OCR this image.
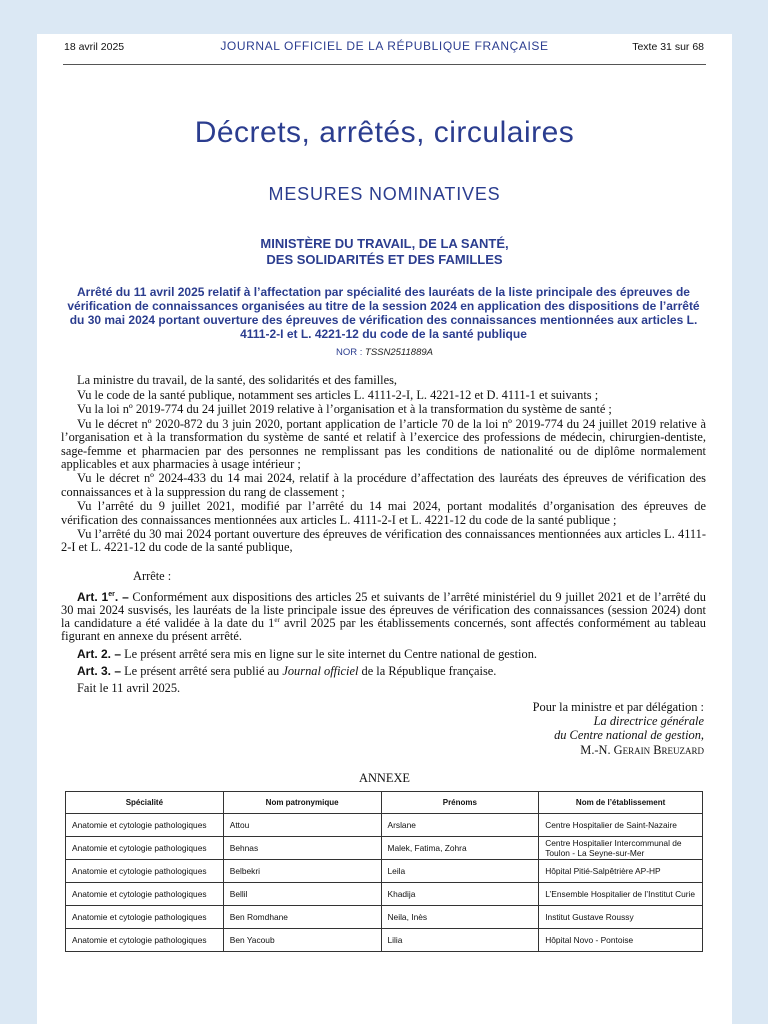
18 avril 2025	JOURNAL OFFICIEL DE LA RÉPUBLIQUE FRANÇAISE	Texte 31 sur 68
Décrets, arrêtés, circulaires
MESURES NOMINATIVES
MINISTÈRE DU TRAVAIL, DE LA SANTÉ,
DES SOLIDARITÉS ET DES FAMILLES
Arrêté du 11 avril 2025 relatif à l’affectation par spécialité des lauréats de la liste principale des épreuves de vérification de connaissances organisées au titre de la session 2024 en application des dispositions de l’arrêté du 30 mai 2024 portant ouverture des épreuves de vérification des connaissances mentionnées aux articles L. 4111-2-I et L. 4221-12 du code de la santé publique
NOR : TSSN2511889A

La ministre du travail, de la santé, des solidarités et des familles,

Vu le code de la santé publique, notamment ses articles L. 4111-2-I, L. 4221-12 et D. 4111-1 et suivants ;

Vu la loi nº 2019-774 du 24 juillet 2019 relative à l’organisation et à la transformation du système de santé ;

Vu le décret nº 2020-872 du 3 juin 2020, portant application de l’article 70 de la loi nº 2019-774 du 24 juillet 2019 relative à l’organisation et à la transformation du système de santé et relatif à l’exercice des professions de médecin, chirurgien-dentiste, sage-femme et pharmacien par des personnes ne remplissant pas les conditions de nationalité ou de diplôme normalement applicables et aux pharmacies à usage intérieur ;

Vu le décret nº 2024-433 du 14 mai 2024, relatif à la procédure d’affectation des lauréats des épreuves de vérification des connaissances et à la suppression du rang de classement ;

Vu l’arrêté du 9 juillet 2021, modifié par l’arrêté du 14 mai 2024, portant modalités d’organisation des épreuves de vérification des connaissances mentionnées aux articles L. 4111-2-I et L. 4221-12 du code de la santé publique ;

Vu l’arrêté du 30 mai 2024 portant ouverture des épreuves de vérification des connaissances mentionnées aux articles L. 4111-2-I et L. 4221-12 du code de la santé publique,

Arrête :

Art. 1er. – Conformément aux dispositions des articles 25 et suivants de l’arrêté ministériel du 9 juillet 2021 et de l’arrêté du 30 mai 2024 susvisés, les lauréats de la liste principale issue des épreuves de vérification des connaissances (session 2024) dont la candidature a été validée à la date du 1er avril 2025 par les établissements concernés, sont affectés conformément au tableau figurant en annexe du présent arrêté.

Art. 2. – Le présent arrêté sera mis en ligne sur le site internet du Centre national de gestion.

Art. 3. – Le présent arrêté sera publié au Journal officiel de la République française.

Fait le 11 avril 2025.

Pour la ministre et par délégation :
La directrice générale
du Centre national de gestion,
M.-N. Gerain Breuzard
ANNEXE
Spécialité	Nom patronymique	Prénoms	Nom de l’établissement
Anatomie et cytologie pathologiques	Attou	Arslane	Centre Hospitalier de Saint-Nazaire
Anatomie et cytologie pathologiques	Behnas	Malek, Fatima, Zohra	Centre Hospitalier Intercommunal de Toulon - La Seyne-sur-Mer
Anatomie et cytologie pathologiques	Belbekri	Leila	Hôpital Pitié-Salpêtrière AP-HP
Anatomie et cytologie pathologiques	Bellil	Khadija	L’Ensemble Hospitalier de l’Institut Curie
Anatomie et cytologie pathologiques	Ben Romdhane	Neila, Inès	Institut Gustave Roussy
Anatomie et cytologie pathologiques	Ben Yacoub	Lilia	Hôpital Novo - Pontoise
